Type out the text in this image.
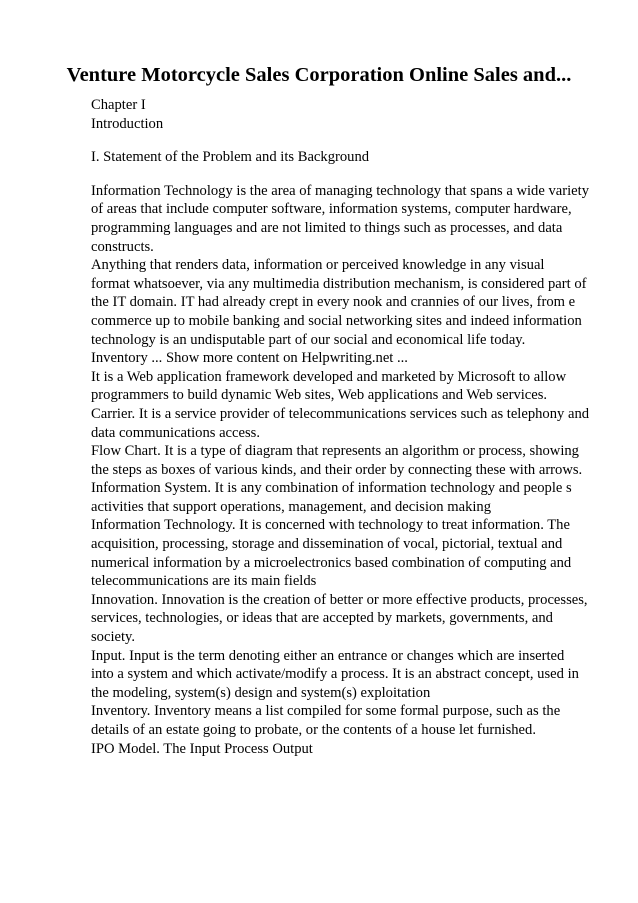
Venture Motorcycle Sales Corporation Online Sales and...
Chapter I
Introduction
I. Statement of the Problem and its Background
Information Technology is the area of managing technology that spans a wide variety
of areas that include computer software, information systems, computer hardware,
programming languages and are not limited to things such as processes, and data
constructs.
Anything that renders data, information or perceived knowledge in any visual
format whatsoever, via any multimedia distribution mechanism, is considered part of
the IT domain. IT had already crept in every nook and crannies of our lives, from e
commerce up to mobile banking and social networking sites and indeed information
technology is an undisputable part of our social and economical life today.
Inventory ... Show more content on Helpwriting.net ...
It is a Web application framework developed and marketed by Microsoft to allow
programmers to build dynamic Web sites, Web applications and Web services.
Carrier. It is a service provider of telecommunications services such as telephony and
data communications access.
Flow Chart. It is a type of diagram that represents an algorithm or process, showing
the steps as boxes of various kinds, and their order by connecting these with arrows.
Information System. It is any combination of information technology and people s
activities that support operations, management, and decision making
Information Technology. It is concerned with technology to treat information. The
acquisition, processing, storage and dissemination of vocal, pictorial, textual and
numerical information by a microelectronics based combination of computing and
telecommunications are its main fields
Innovation. Innovation is the creation of better or more effective products, processes,
services, technologies, or ideas that are accepted by markets, governments, and
society.
Input. Input is the term denoting either an entrance or changes which are inserted
into a system and which activate/modify a process. It is an abstract concept, used in
the modeling, system(s) design and system(s) exploitation
Inventory. Inventory means a list compiled for some formal purpose, such as the
details of an estate going to probate, or the contents of a house let furnished.
IPO Model. The Input Process Output
